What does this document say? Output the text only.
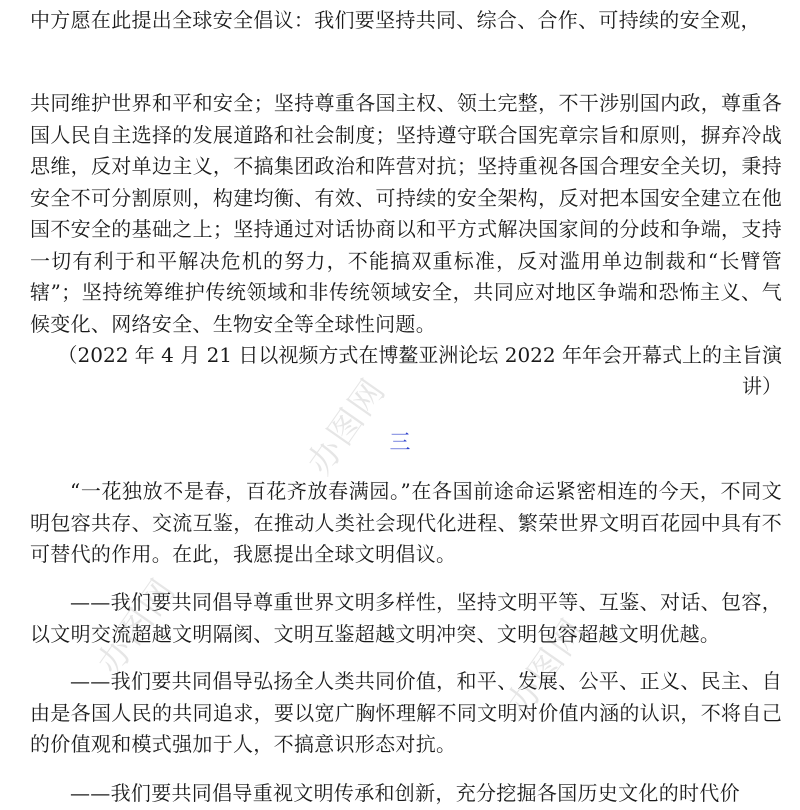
办图网
办图网	办图网
中方愿在此提出全球安全倡议：我们要坚持共同、综合、合作、可持续的安全观，

共同维护世界和平和安全；坚持尊重各国主权、领土完整，不干涉别国内政，尊重各国人民自主选择的发展道路和社会制度；坚持遵守联合国宪章宗旨和原则，摒弃冷战思维，反对单边主义，不搞集团政治和阵营对抗；坚持重视各国合理安全关切，秉持安全不可分割原则，构建均衡、有效、可持续的安全架构，反对把本国安全建立在他国不安全的基础之上；坚持通过对话协商以和平方式解决国家间的分歧和争端，支持一切有利于和平解决危机的努力，不能搞双重标准，反对滥用单边制裁和“长臂管辖”；坚持统筹维护传统领域和非传统领域安全，共同应对地区争端和恐怖主义、气候变化、网络安全、生物安全等全球性问题。

（2022 年 4 月 21 日以视频方式在博鳌亚洲论坛 2022 年年会开幕式上的主旨演讲）

三

“一花独放不是春，百花齐放春满园。”在各国前途命运紧密相连的今天，不同文明包容共存、交流互鉴，在推动人类社会现代化进程、繁荣世界文明百花园中具有不可替代的作用。在此，我愿提出全球文明倡议。

——我们要共同倡导尊重世界文明多样性，坚持文明平等、互鉴、对话、包容，以文明交流超越文明隔阂、文明互鉴超越文明冲突、文明包容超越文明优越。

——我们要共同倡导弘扬全人类共同价值，和平、发展、公平、正义、民主、自由是各国人民的共同追求，要以宽广胸怀理解不同文明对价值内涵的认识，不将自己的价值观和模式强加于人，不搞意识形态对抗。

——我们要共同倡导重视文明传承和创新，充分挖掘各国历史文化的时代价
